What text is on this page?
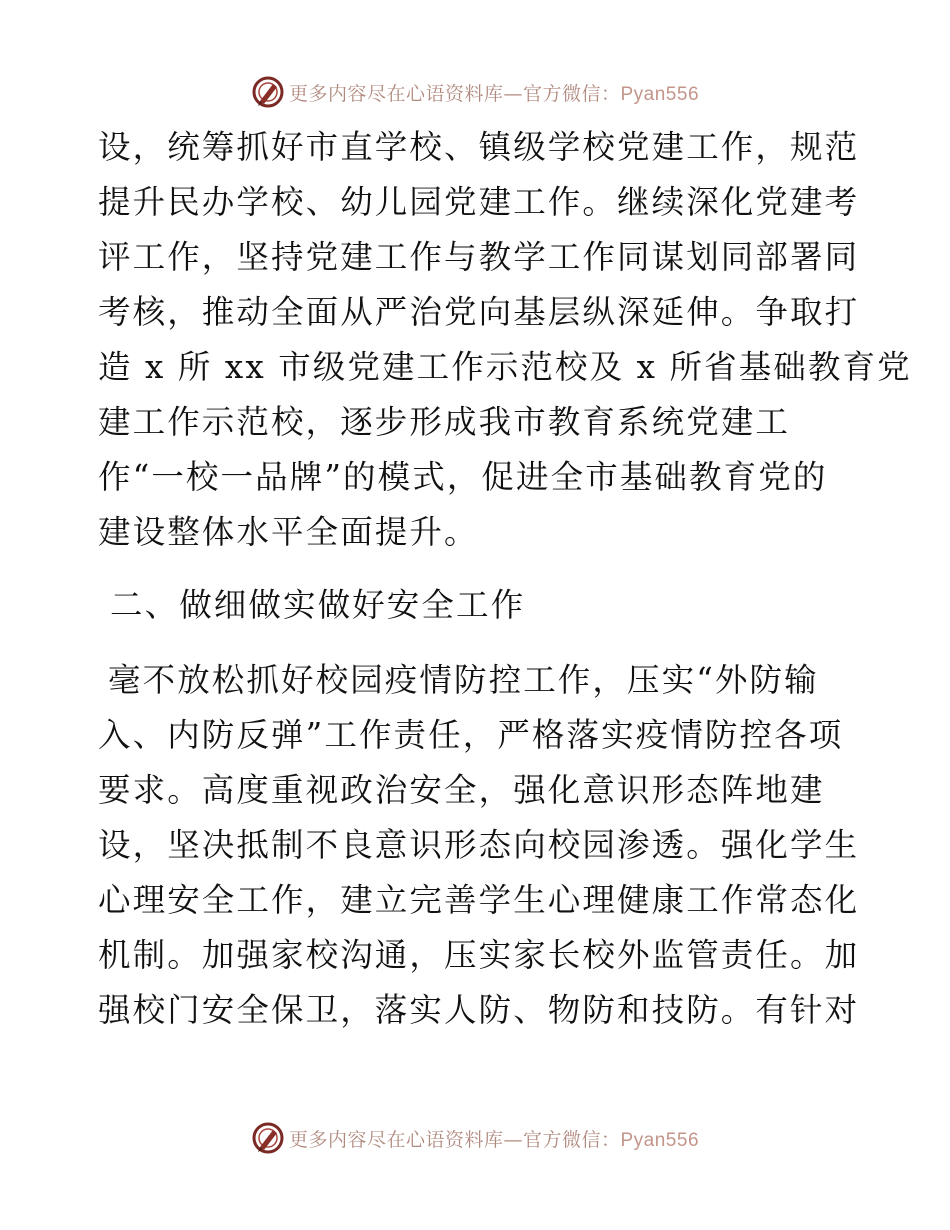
更多内容尽在心语资料库—官方微信：Pyan556
设，统筹抓好市直学校、镇级学校党建工作，规范
提升民办学校、幼儿园党建工作。继续深化党建考
评工作，坚持党建工作与教学工作同谋划同部署同
考核，推动全面从严治党向基层纵深延伸。争取打
造 x 所 xx 市级党建工作示范校及 x 所省基础教育党
建工作示范校，逐步形成我市教育系统党建工
作“一校一品牌”的模式，促进全市基础教育党的
建设整体水平全面提升。
二、做细做实做好安全工作
毫不放松抓好校园疫情防控工作，压实“外防输
入、内防反弹”工作责任，严格落实疫情防控各项
要求。高度重视政治安全，强化意识形态阵地建
设，坚决抵制不良意识形态向校园渗透。强化学生
心理安全工作，建立完善学生心理健康工作常态化
机制。加强家校沟通，压实家长校外监管责任。加
强校门安全保卫，落实人防、物防和技防。有针对
更多内容尽在心语资料库—官方微信：Pyan556
